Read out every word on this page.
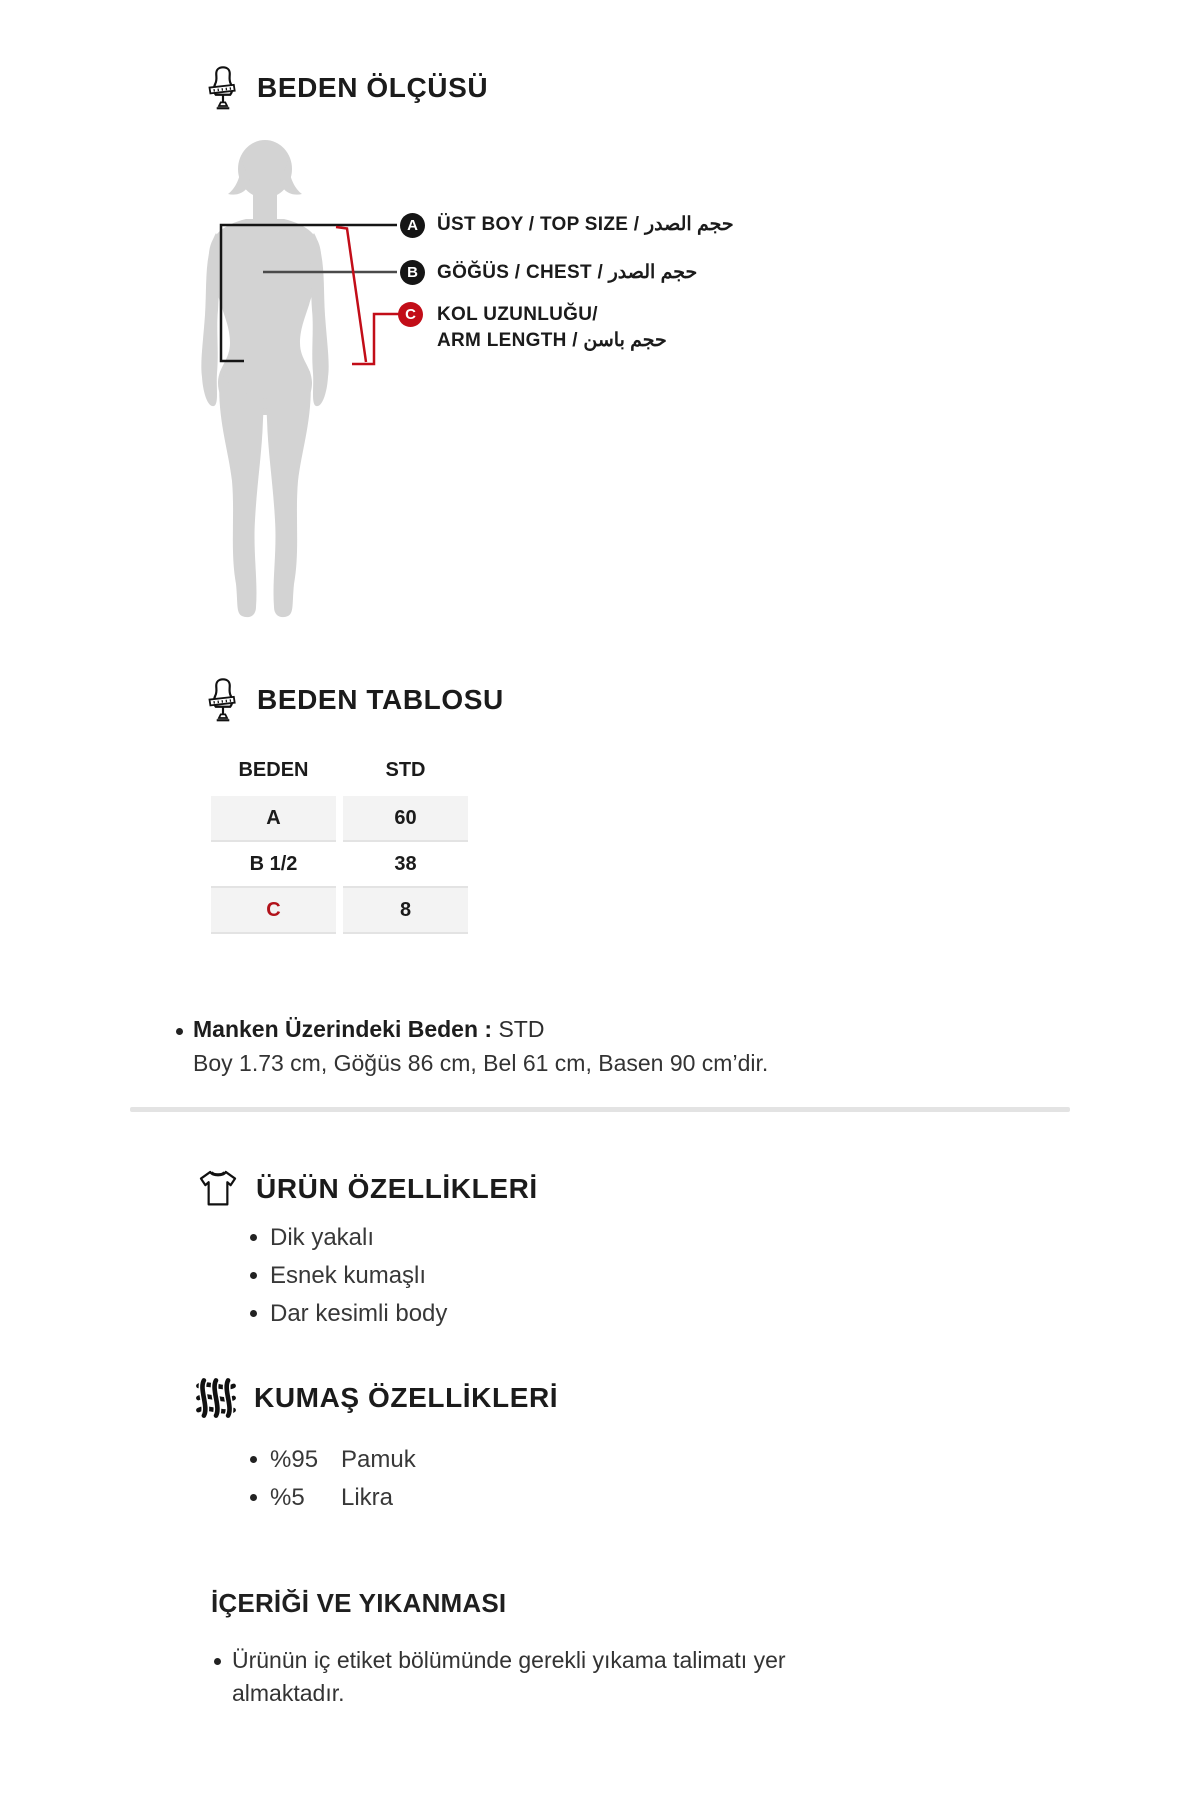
BEDEN ÖLÇÜSÜ
A ÜST BOY / TOP SIZE / حجم الصدر
B GÖĞÜS / CHEST / حجم الصدر
C KOL UZUNLUĞU/
ARM LENGTH / حجم باسن
BEDEN TABLOSU
BEDEN	STD
A	60
B 1/2	38
C	8
Manken Üzerindeki Beden : STD
Boy 1.73 cm, Göğüs 86 cm, Bel 61 cm, Basen 90 cm’dir.
ÜRÜN ÖZELLİKLERİ
Dik yakalı
Esnek kumaşlı
Dar kesimli body
KUMAŞ ÖZELLİKLERİ
%95 Pamuk
%5	Likra
İÇERİĞİ VE YIKANMASI
Ürünün iç etiket bölümünde gerekli yıkama talimatı yer almaktadır.
